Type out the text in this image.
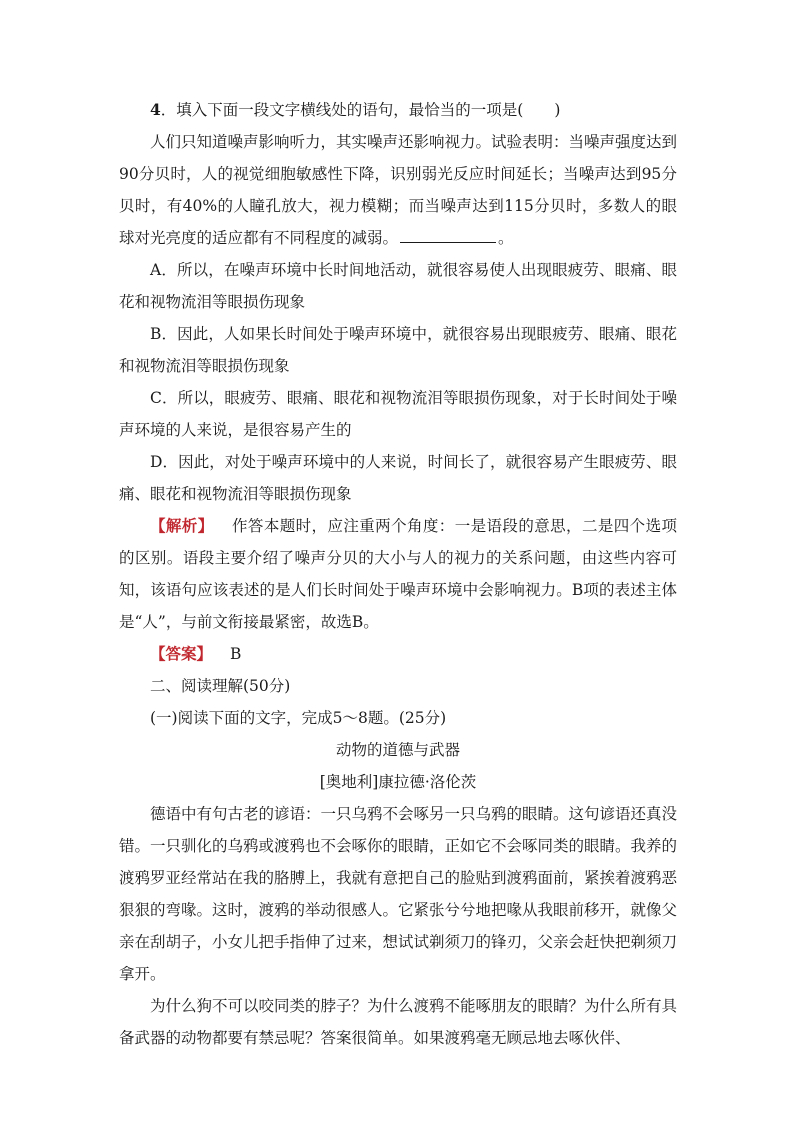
4．填入下面一段文字横线处的语句，最恰当的一项是(　　)

人们只知道噪声影响听力，其实噪声还影响视力。试验表明：当噪声强度达到90分贝时，人的视觉细胞敏感性下降，识别弱光反应时间延长；当噪声达到95分贝时，有40%的人瞳孔放大，视力模糊；而当噪声达到115分贝时，多数人的眼球对光亮度的适应都有不同程度的减弱。	。

A．所以，在噪声环境中长时间地活动，就很容易使人出现眼疲劳、眼痛、眼花和视物流泪等眼损伤现象

B．因此，人如果长时间处于噪声环境中，就很容易出现眼疲劳、眼痛、眼花和视物流泪等眼损伤现象

C．所以，眼疲劳、眼痛、眼花和视物流泪等眼损伤现象，对于长时间处于噪声环境的人来说，是很容易产生的

D．因此，对处于噪声环境中的人来说，时间长了，就很容易产生眼疲劳、眼痛、眼花和视物流泪等眼损伤现象

【解析】 作答本题时，应注重两个角度：一是语段的意思，二是四个选项的区别。语段主要介绍了噪声分贝的大小与人的视力的关系问题，由这些内容可知，该语句应该表述的是人们长时间处于噪声环境中会影响视力。B项的表述主体是“人”，与前文衔接最紧密，故选B。

【答案】 B

二、阅读理解(50分)

(一)阅读下面的文字，完成5～8题。(25分)

动物的道德与武器

[奥地利]康拉德·洛伦茨

德语中有句古老的谚语：一只乌鸦不会啄另一只乌鸦的眼睛。这句谚语还真没错。一只驯化的乌鸦或渡鸦也不会啄你的眼睛，正如它不会啄同类的眼睛。我养的渡鸦罗亚经常站在我的胳膊上，我就有意把自己的脸贴到渡鸦面前，紧挨着渡鸦恶狠狠的弯喙。这时，渡鸦的举动很感人。它紧张兮兮地把喙从我眼前移开，就像父亲在刮胡子，小女儿把手指伸了过来，想试试剃须刀的锋刃，父亲会赶快把剃须刀拿开。

为什么狗不可以咬同类的脖子？为什么渡鸦不能啄朋友的眼睛？为什么所有具备武器的动物都要有禁忌呢？答案很简单。如果渡鸦毫无顾忌地去啄伙伴、
